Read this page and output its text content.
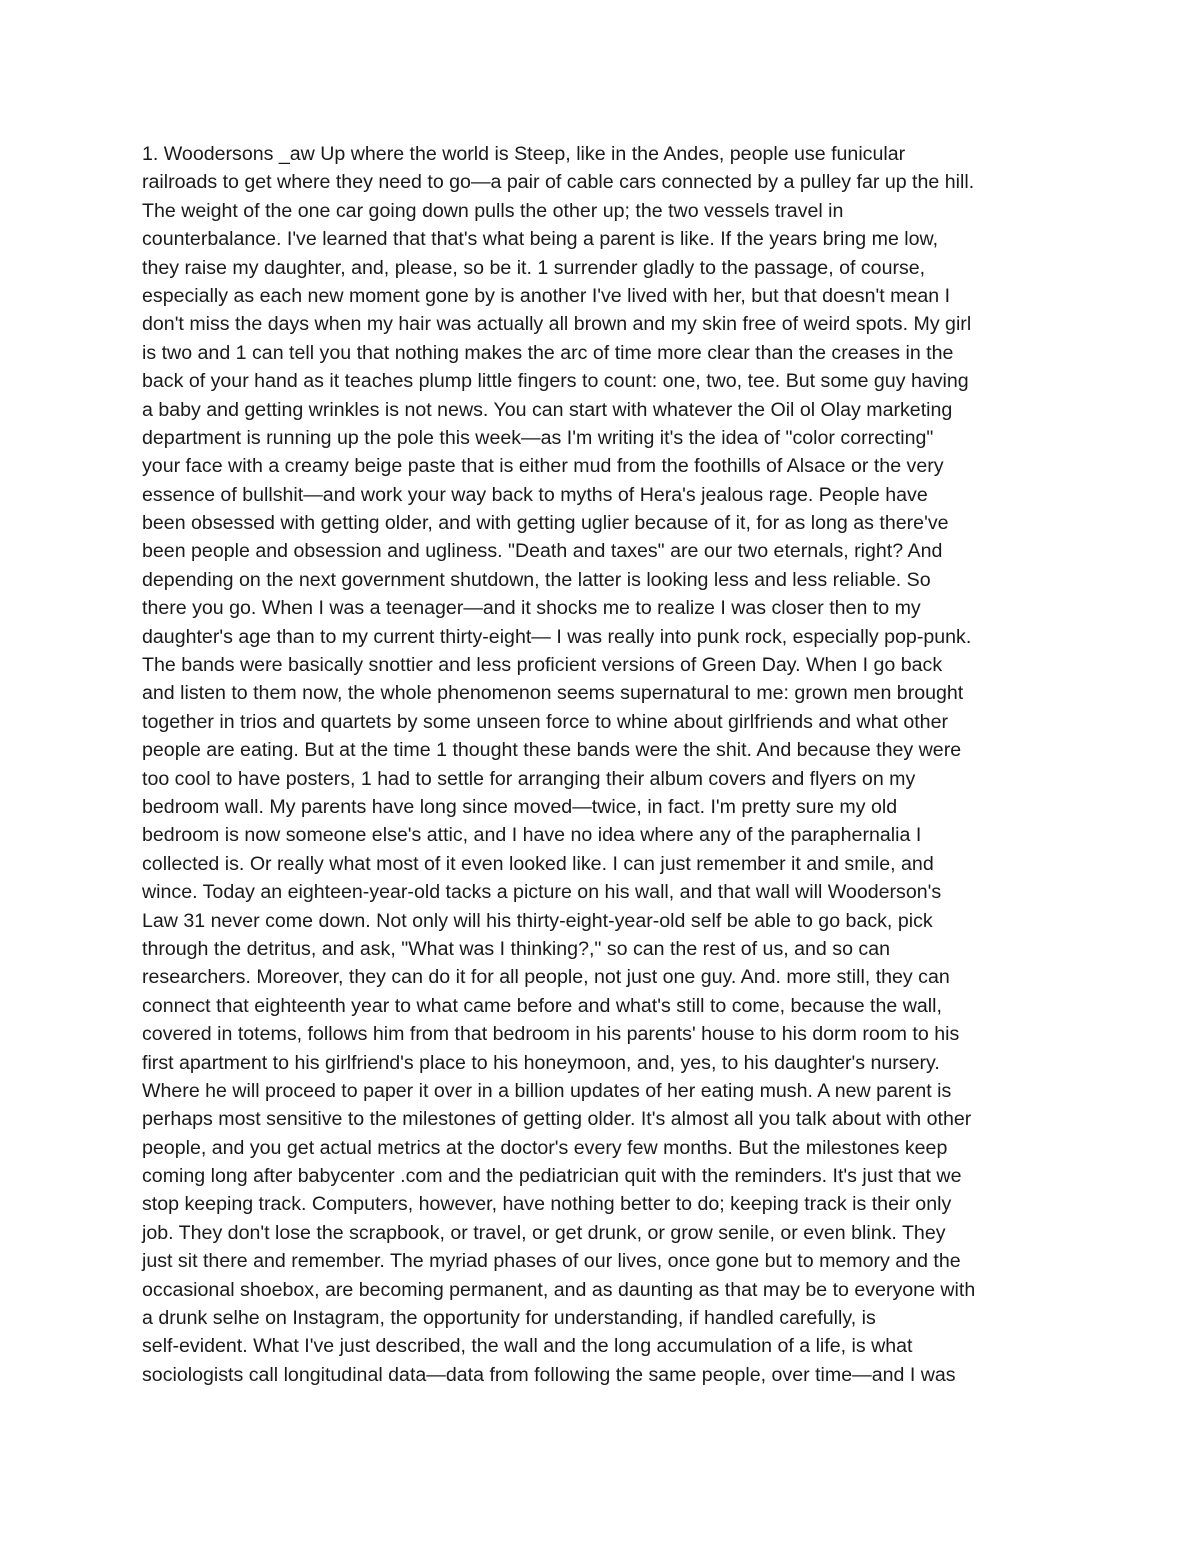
1. Woodersons _aw Up where the world is Steep, like in the Andes, people use funicular
railroads to get where they need to go—a pair of cable cars connected by a pulley far up the hill.
The weight of the one car going down pulls the other up; the two vessels travel in
counterbalance. I've learned that that's what being a parent is like. If the years bring me low,
they raise my daughter, and, please, so be it. 1 surrender gladly to the passage, of course,
especially as each new moment gone by is another I've lived with her, but that doesn't mean I
don't miss the days when my hair was actually all brown and my skin free of weird spots. My girl
is two and 1 can tell you that nothing makes the arc of time more clear than the creases in the
back of your hand as it teaches plump little fingers to count: one, two, tee. But some guy having
a baby and getting wrinkles is not news. You can start with whatever the Oil ol Olay marketing
department is running up the pole this week—as I'm writing it's the idea of "color correcting"
your face with a creamy beige paste that is either mud from the foothills of Alsace or the very
essence of bullshit—and work your way back to myths of Hera's jealous rage. People have
been obsessed with getting older, and with getting uglier because of it, for as long as there've
been people and obsession and ugliness. "Death and taxes" are our two eternals, right? And
depending on the next government shutdown, the latter is looking less and less reliable. So
there you go. When I was a teenager—and it shocks me to realize I was closer then to my
daughter's age than to my current thirty-eight— I was really into punk rock, especially pop-punk.
The bands were basically snottier and less proficient versions of Green Day. When I go back
and listen to them now, the whole phenomenon seems supernatural to me: grown men brought
together in trios and quartets by some unseen force to whine about girlfriends and what other
people are eating. But at the time 1 thought these bands were the shit. And because they were
too cool to have posters, 1 had to settle for arranging their album covers and flyers on my
bedroom wall. My parents have long since moved—twice, in fact. I'm pretty sure my old
bedroom is now someone else's attic, and I have no idea where any of the paraphernalia I
collected is. Or really what most of it even looked like. I can just remember it and smile, and
wince. Today an eighteen-year-old tacks a picture on his wall, and that wall will Wooderson's
Law 31 never come down. Not only will his thirty-eight-year-old self be able to go back, pick
through the detritus, and ask, "What was I thinking?," so can the rest of us, and so can
researchers. Moreover, they can do it for all people, not just one guy. And. more still, they can
connect that eighteenth year to what came before and what's still to come, because the wall,
covered in totems, follows him from that bedroom in his parents' house to his dorm room to his
first apartment to his girlfriend's place to his honeymoon, and, yes, to his daughter's nursery.
Where he will proceed to paper it over in a billion updates of her eating mush. A new parent is
perhaps most sensitive to the milestones of getting older. It's almost all you talk about with other
people, and you get actual metrics at the doctor's every few months. But the milestones keep
coming long after babycenter .com and the pediatrician quit with the reminders. It's just that we
stop keeping track. Computers, however, have nothing better to do; keeping track is their only
job. They don't lose the scrapbook, or travel, or get drunk, or grow senile, or even blink. They
just sit there and remember. The myriad phases of our lives, once gone but to memory and the
occasional shoebox, are becoming permanent, and as daunting as that may be to everyone with
a drunk selhe on Instagram, the opportunity for understanding, if handled carefully, is
self-evident. What I've just described, the wall and the long accumulation of a life, is what
sociologists call longitudinal data—data from following the same people, over time—and I was
